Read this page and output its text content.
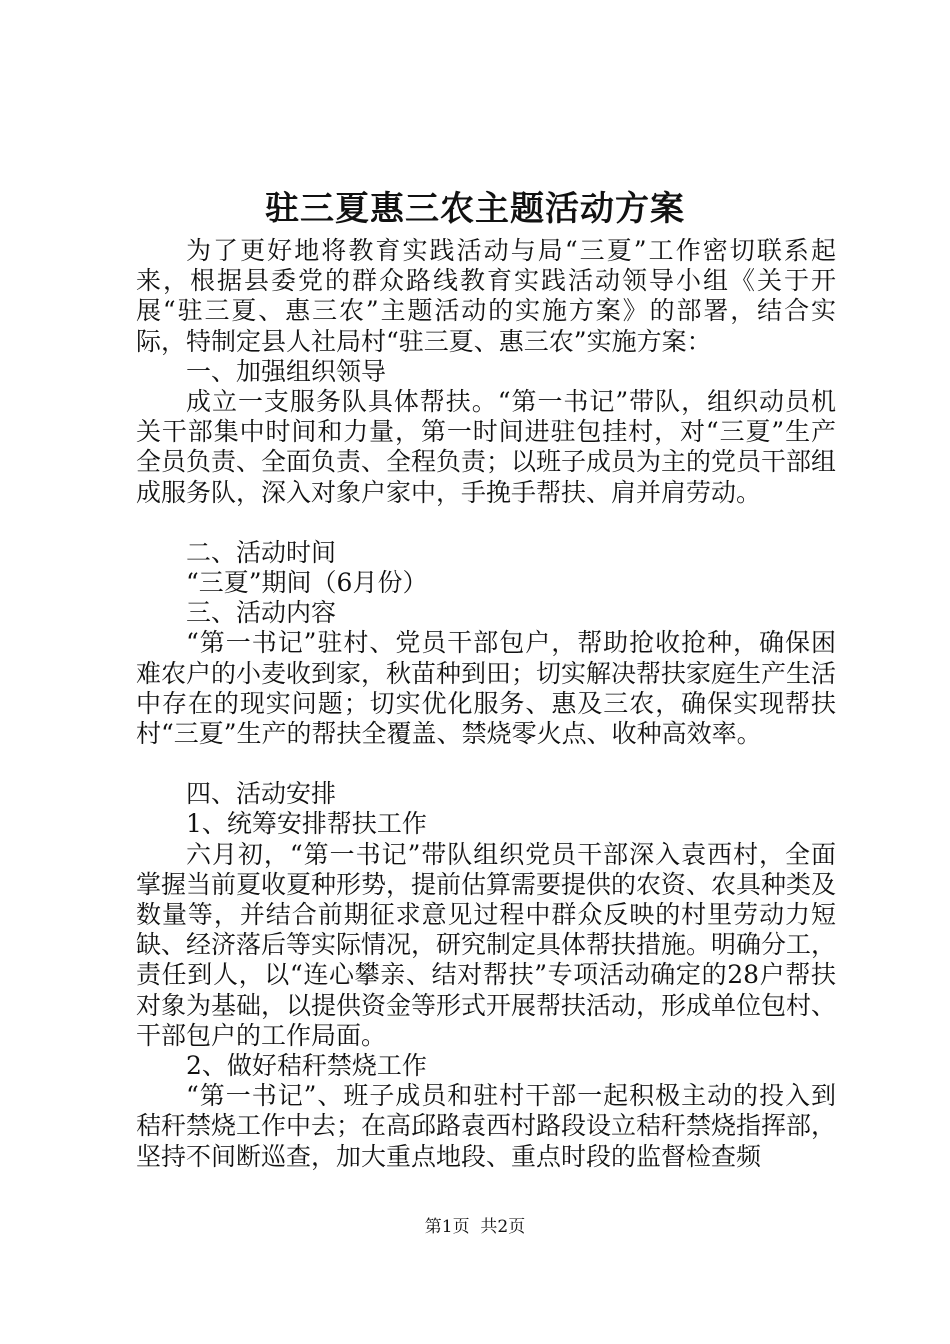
驻三夏惠三农主题活动方案

为了更好地将教育实践活动与局“三夏”工作密切联系起来，根据县委党的群众路线教育实践活动领导小组《关于开展“驻三夏、惠三农”主题活动的实施方案》的部署，结合实际，特制定县人社局村“驻三夏、惠三农”实施方案：

一、加强组织领导

成立一支服务队具体帮扶。“第一书记”带队，组织动员机关干部集中时间和力量，第一时间进驻包挂村，对“三夏”生产全员负责、全面负责、全程负责；以班子成员为主的党员干部组成服务队，深入对象户家中，手挽手帮扶、肩并肩劳动。

二、活动时间

“三夏”期间（6月份）

三、活动内容

“第一书记”驻村、党员干部包户，帮助抢收抢种，确保困难农户的小麦收到家，秋苗种到田；切实解决帮扶家庭生产生活中存在的现实问题；切实优化服务、惠及三农，确保实现帮扶村“三夏”生产的帮扶全覆盖、禁烧零火点、收种高效率。

四、活动安排

1、统筹安排帮扶工作

六月初，“第一书记”带队组织党员干部深入袁西村，全面掌握当前夏收夏种形势，提前估算需要提供的农资、农具种类及数量等，并结合前期征求意见过程中群众反映的村里劳动力短缺、经济落后等实际情况，研究制定具体帮扶措施。明确分工，责任到人，以“连心攀亲、结对帮扶”专项活动确定的28户帮扶对象为基础，以提供资金等形式开展帮扶活动，形成单位包村、干部包户的工作局面。

2、做好秸秆禁烧工作

“第一书记”、班子成员和驻村干部一起积极主动的投入到秸秆禁烧工作中去；在高邱路袁西村路段设立秸秆禁烧指挥部，坚持不间断巡查，加大重点地段、重点时段的监督检查频

第1页 共2页
